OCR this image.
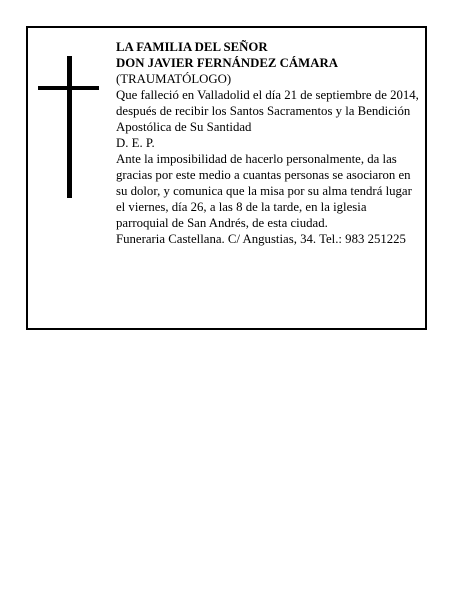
LA FAMILIA DEL SEÑOR

DON JAVIER FERNÁNDEZ CÁMARA

(TRAUMATÓLOGO)

Que falleció en Valladolid el día 21 de septiembre de 2014, después de recibir los Santos Sacramentos y la Bendición Apostólica de Su Santidad

D. E. P.

Ante la imposibilidad de hacerlo personalmente, da las gracias por este medio a cuantas personas se asociaron en su dolor, y comunica que la misa por su alma tendrá lugar el viernes, día 26, a las 8 de la tarde, en la iglesia parroquial de San Andrés, de esta ciudad.

Funeraria Castellana. C/ Angustias, 34. Tel.: 983 251225
